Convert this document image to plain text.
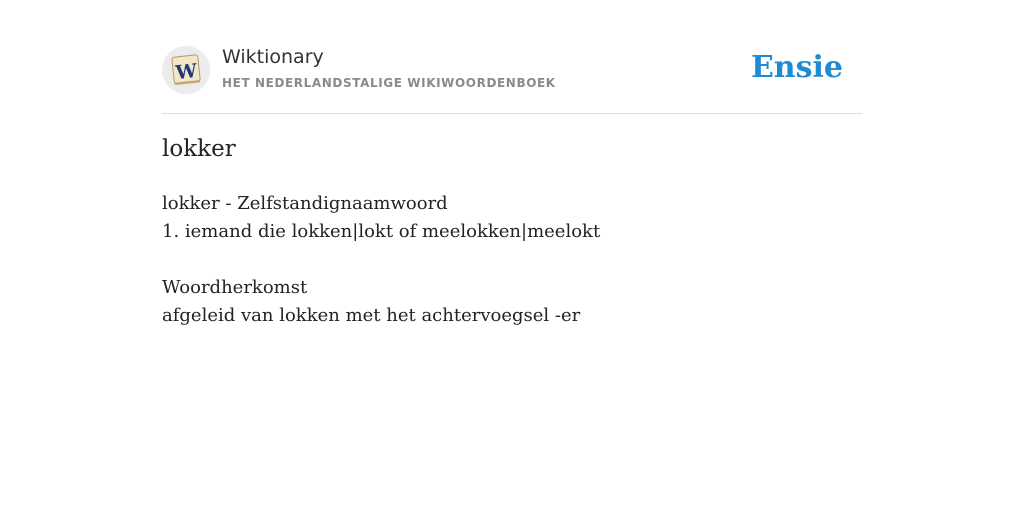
W
Wiktionary
HET NEDERLANDSTALIGE WIKIWOORDENBOEK	Ensie
lokker
lokker - Zelfstandignaamwoord
1. iemand die lokken|lokt of meelokken|meelokt
Woordherkomst
afgeleid van lokken met het achtervoegsel -er
